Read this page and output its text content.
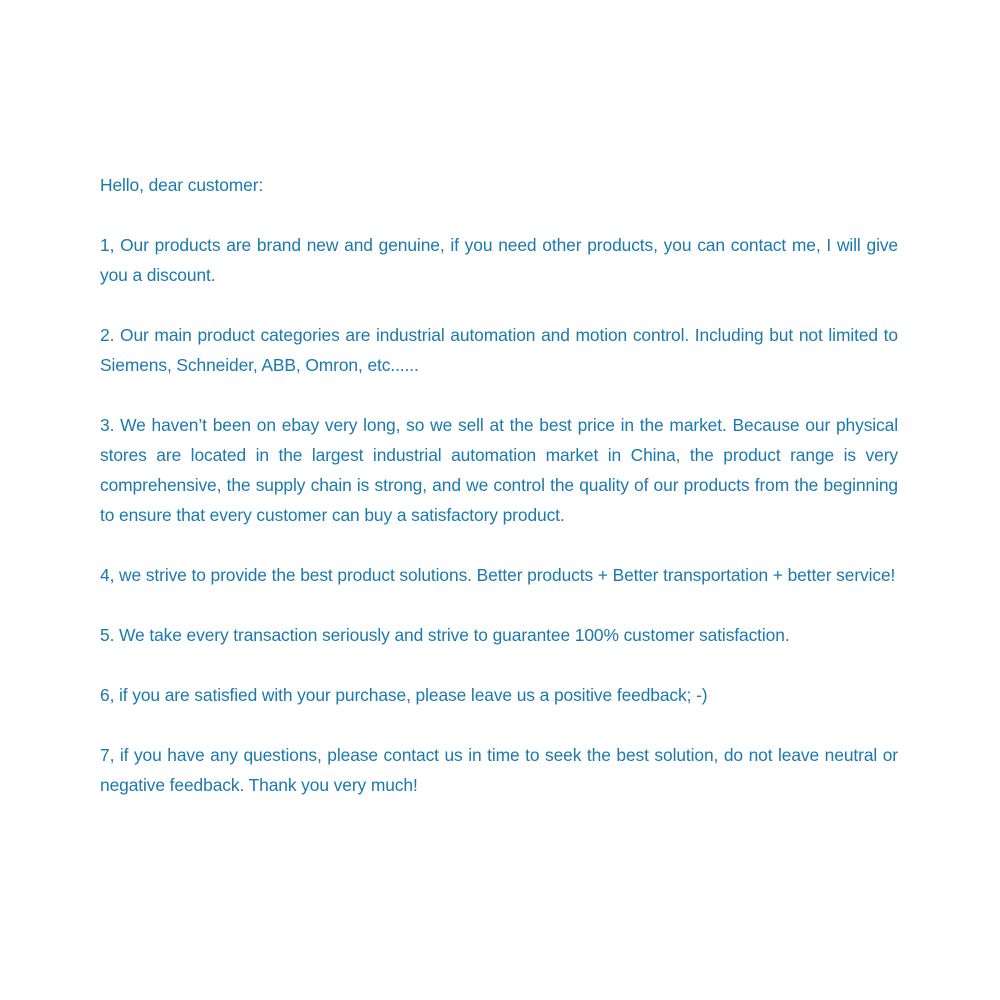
Hello, dear customer:

1, Our products are brand new and genuine, if you need other products, you can contact me, I will give you a discount.

2. Our main product categories are industrial automation and motion control. Including but not limited to Siemens, Schneider, ABB, Omron, etc......

3. We haven’t been on ebay very long, so we sell at the best price in the market. Because our physical stores are located in the largest industrial automation market in China, the product range is very comprehensive, the supply chain is strong, and we control the quality of our products from the beginning to ensure that every customer can buy a satisfactory product.

4, we strive to provide the best product solutions. Better products + Better transportation + better service!

5. We take every transaction seriously and strive to guarantee 100% customer satisfaction.

6, if you are satisfied with your purchase, please leave us a positive feedback; -)

7, if you have any questions, please contact us in time to seek the best solution, do not leave neutral or negative feedback. Thank you very much!
